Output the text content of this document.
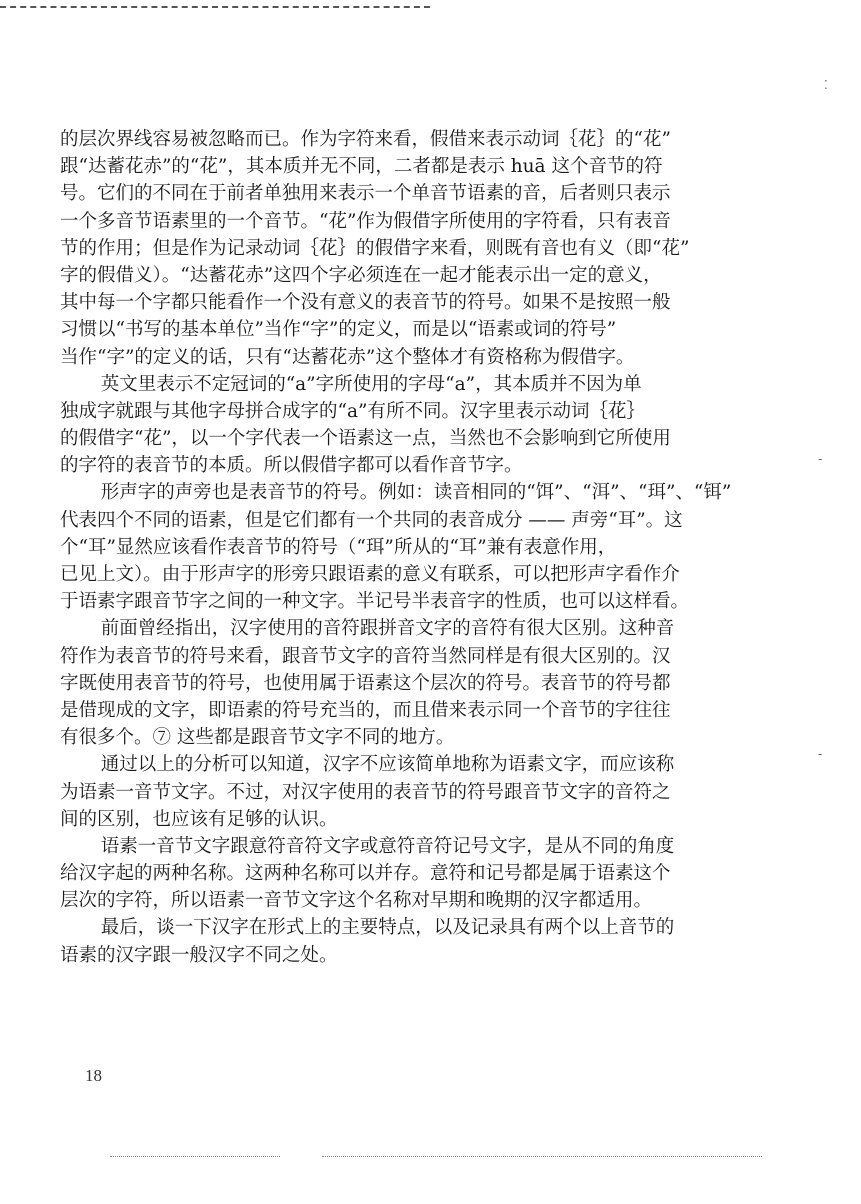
⁚
‑
‑
的层次界线容易被忽略而已。作为字符来看，假借来表示动词｛花｝的“花”
跟“达蓄花赤”的“花”，其本质并无不同，二者都是表示 huā 这个音节的符
号。它们的不同在于前者单独用来表示一个单音节语素的音，后者则只表示
一个多音节语素里的一个音节。“花”作为假借字所使用的字符看，只有表音
节的作用；但是作为记录动词｛花｝的假借字来看，则既有音也有义（即“花”
字的假借义）。“达蓄花赤”这四个字必须连在一起才能表示出一定的意义，
其中每一个字都只能看作一个没有意义的表音节的符号。如果不是按照一般
习惯以“书写的基本单位”当作“字”的定义，而是以“语素或词的符号”
当作“字”的定义的话，只有“达蓄花赤”这个整体才有资格称为假借字。
英文里表示不定冠词的“a”字所使用的字母“a”，其本质并不因为单
独成字就跟与其他字母拼合成字的“a”有所不同。汉字里表示动词｛花｝
的假借字“花”，以一个字代表一个语素这一点，当然也不会影响到它所使用
的字符的表音节的本质。所以假借字都可以看作音节字。
形声字的声旁也是表音节的符号。例如：读音相同的“饵”、“洱”、“珥”、“铒”
代表四个不同的语素，但是它们都有一个共同的表音成分 —— 声旁“耳”。这
个“耳”显然应该看作表音节的符号（“珥”所从的“耳”兼有表意作用，
已见上文）。由于形声字的形旁只跟语素的意义有联系，可以把形声字看作介
于语素字跟音节字之间的一种文字。半记号半表音字的性质，也可以这样看。
前面曾经指出，汉字使用的音符跟拼音文字的音符有很大区别。这种音
符作为表音节的符号来看，跟音节文字的音符当然同样是有很大区别的。汉
字既使用表音节的符号，也使用属于语素这个层次的符号。表音节的符号都
是借现成的文字，即语素的符号充当的，而且借来表示同一个音节的字往往
有很多个。⑦ 这些都是跟音节文字不同的地方。
通过以上的分析可以知道，汉字不应该简单地称为语素文字，而应该称
为语素一音节文字。不过，对汉字使用的表音节的符号跟音节文字的音符之
间的区别，也应该有足够的认识。
语素一音节文字跟意符音符文字或意符音符记号文字，是从不同的角度
给汉字起的两种名称。这两种名称可以并存。意符和记号都是属于语素这个
层次的字符，所以语素一音节文字这个名称对早期和晚期的汉字都适用。
最后，谈一下汉字在形式上的主要特点，以及记录具有两个以上音节的
语素的汉字跟一般汉字不同之处。
18
